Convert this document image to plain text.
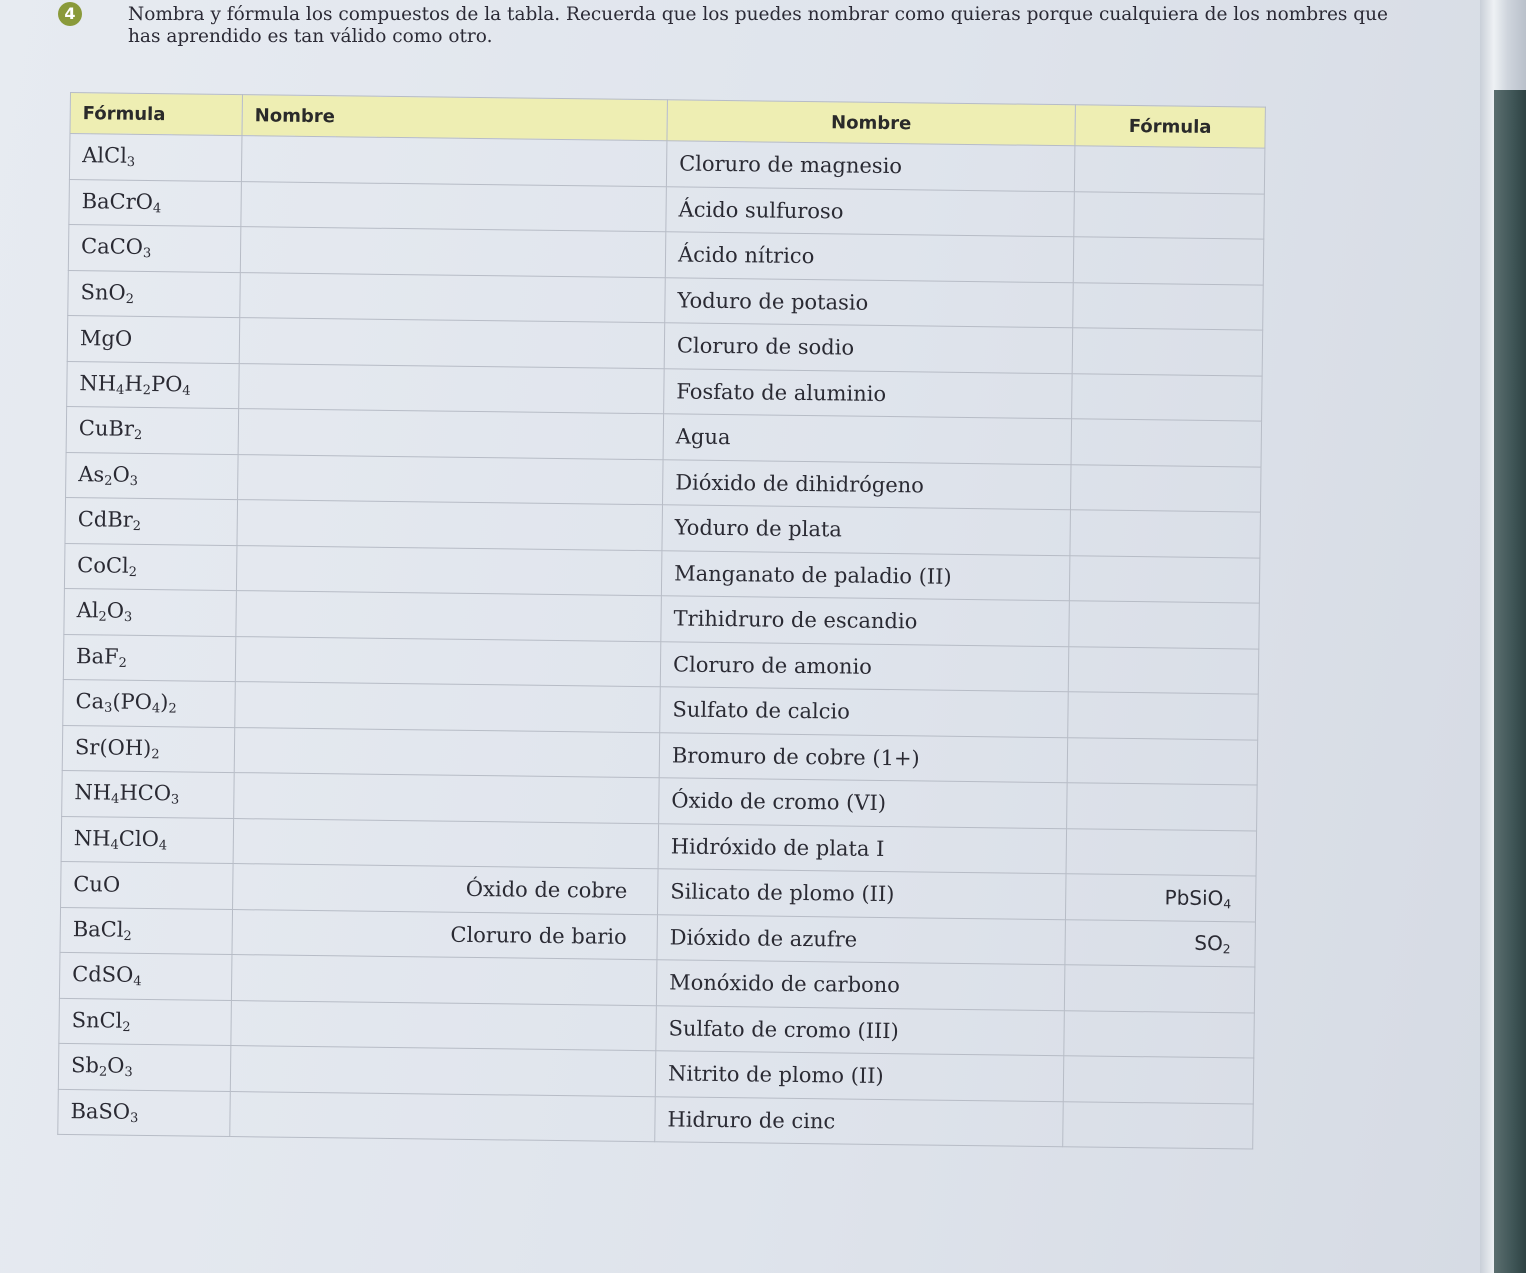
4	Nombra y fórmula los compuestos de la tabla. Recuerda que los puedes nombrar como quieras porque cualquiera de los nombres que has aprendido es tan válido como otro.
Fórmula	Nombre	Nombre	Fórmula
AlCl$_3$		Cloruro de magnesio	
BaCrO$_4$		Ácido sulfuroso	
CaCO$_3$		Ácido nítrico	
SnO$_2$		Yoduro de potasio	
MgO		Cloruro de sodio	
$NH_4H_2PO_4$		Fosfato de aluminio	
CuBr$_2$		Agua	
$As_2O_3$		Dióxido de dihidrógeno	
CdBr$_2$		Yoduro de plata	
CoCl$_2$		Manganato de paladio (II)	
$Al_2O_3$		Trihidruro de escandio	
BaF$_2$		Cloruro de amonio	
$Ca_3(PO_4)_2$		Sulfato de calcio	
$Sr(OH)_2$		Bromuro de cobre (1+)	
$NH_4HCO_3$		Óxido de cromo (VI)	
$NH_4ClO_4$		Hidróxido de plata I	
CuO	Óxido de cobre	Silicato de plomo (II)	PbSiO$_4$
BaCl$_2$	Cloruro de bario	Dióxido de azufre	$SO_2$
CdSO$_4$		Monóxido de carbono	
SnCl$_2$		Sulfato de cromo (III)	
$Sb_2O_3$		Nitrito de plomo (II)	
BaSO$_3$		Hidruro de cinc	
